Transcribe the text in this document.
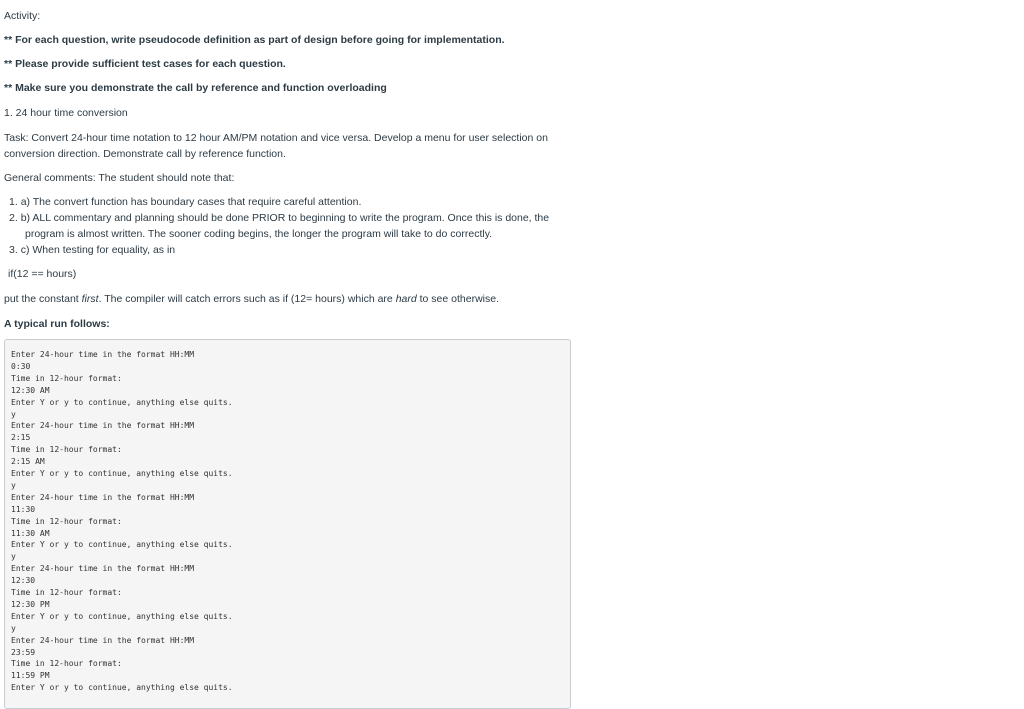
Activity:
** For each question, write pseudocode definition as part of design before going for implementation.
** Please provide sufficient test cases for each question.
** Make sure you demonstrate the call by reference and function overloading
1. 24 hour time conversion
Task: Convert 24-hour time notation to 12 hour AM/PM notation and vice versa. Develop a menu for user selection on
conversion direction. Demonstrate call by reference function.
General comments: The student should note that:
1. a) The convert function has boundary cases that require careful attention.
2. b) ALL commentary and planning should be done PRIOR to beginning to write the program. Once this is done, the
program is almost written. The sooner coding begins, the longer the program will take to do correctly.
3. c) When testing for equality, as in
if(12 == hours)
put the constant first. The compiler will catch errors such as if (12= hours) which are hard to see otherwise.
A typical run follows:
Enter 24-hour time in the format HH:MM
0:30
Time in 12-hour format:
12:30 AM
Enter Y or y to continue, anything else quits.
y
Enter 24-hour time in the format HH:MM
2:15
Time in 12-hour format:
2:15 AM
Enter Y or y to continue, anything else quits.
y
Enter 24-hour time in the format HH:MM
11:30
Time in 12-hour format:
11:30 AM
Enter Y or y to continue, anything else quits.
y
Enter 24-hour time in the format HH:MM
12:30
Time in 12-hour format:
12:30 PM
Enter Y or y to continue, anything else quits.
y
Enter 24-hour time in the format HH:MM
23:59
Time in 12-hour format:
11:59 PM
Enter Y or y to continue, anything else quits.
